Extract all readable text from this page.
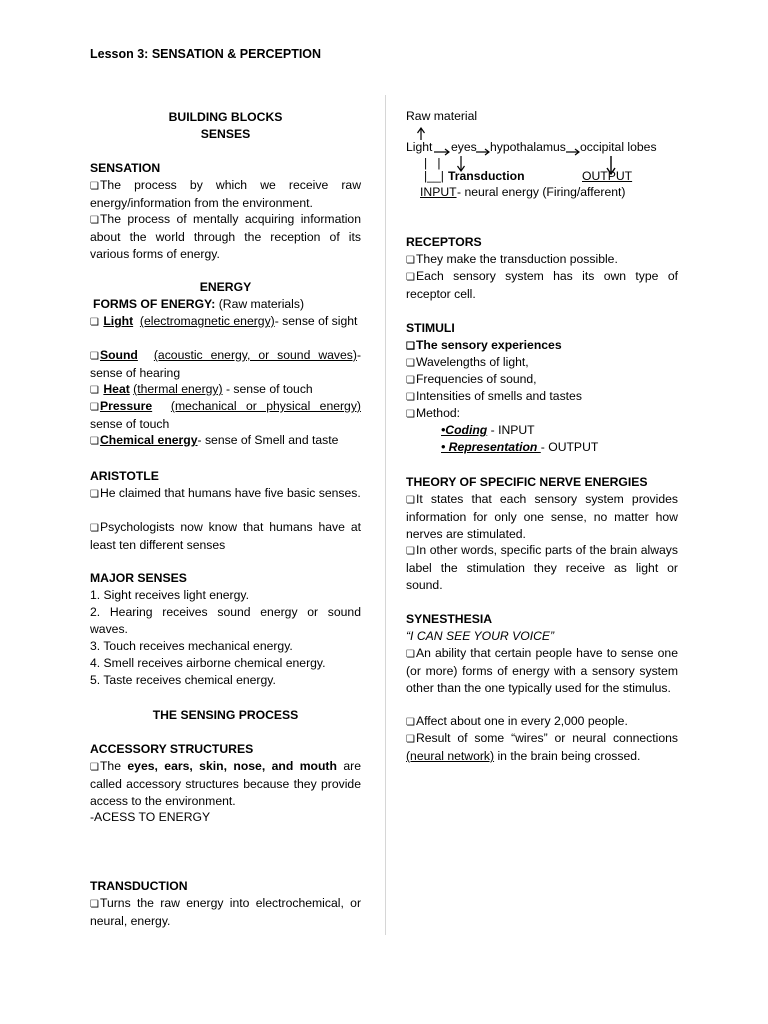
Lesson 3: SENSATION & PERCEPTION
BUILDING BLOCKS
SENSES
SENSATION
❏ The process by which we receive raw energy/information from the environment.
❏ The process of mentally acquiring information about the world through the reception of its various forms of energy.
ENERGY
FORMS OF ENERGY: (Raw materials)
❏ Light (electromagnetic energy)- sense of sight
❏ Sound (acoustic energy, or sound waves)- sense of hearing
❏ Heat (thermal energy) - sense of touch
❏ Pressure (mechanical or physical energy) sense of touch
❏ Chemical energy- sense of Smell and taste
ARISTOTLE
❏ He claimed that humans have five basic senses.
❏ Psychologists now know that humans have at least ten different senses
MAJOR SENSES
1. Sight receives light energy.
2. Hearing receives sound energy or sound waves.
3. Touch receives mechanical energy.
4. Smell receives airborne chemical energy.
5. Taste receives chemical energy.
THE SENSING PROCESS
ACCESSORY STRUCTURES
❏ The eyes, ears, skin, nose, and mouth are called accessory structures because they provide access to the environment.
-ACESS TO ENERGY
TRANSDUCTION
❏ Turns the raw energy into electrochemical, or neural, energy.
Raw material
Light eyes hypothalamus occipital lobes
|   |
|__| Transduction	OUTPUT
INPUT - neural energy (Firing/afferent)
RECEPTORS
❏ They make the transduction possible.
❏ Each sensory system has its own type of receptor cell.
STIMULI
❏ The sensory experiences
❏ Wavelengths of light,
❏ Frequencies of sound,
❏ Intensities of smells and tastes
❏ Method:
•Coding - INPUT
• Representation - OUTPUT
THEORY OF SPECIFIC NERVE ENERGIES
❏ It states that each sensory system provides information for only one sense, no matter how nerves are stimulated.
❏ In other words, specific parts of the brain always label the stimulation they receive as light or sound.
SYNESTHESIA
“I CAN SEE YOUR VOICE”
❏ An ability that certain people have to sense one (or more) forms of energy with a sensory system other than the one typically used for the stimulus.
❏ Affect about one in every 2,000 people.
❏ Result of some “wires” or neural connections (neural network) in the brain being crossed.
